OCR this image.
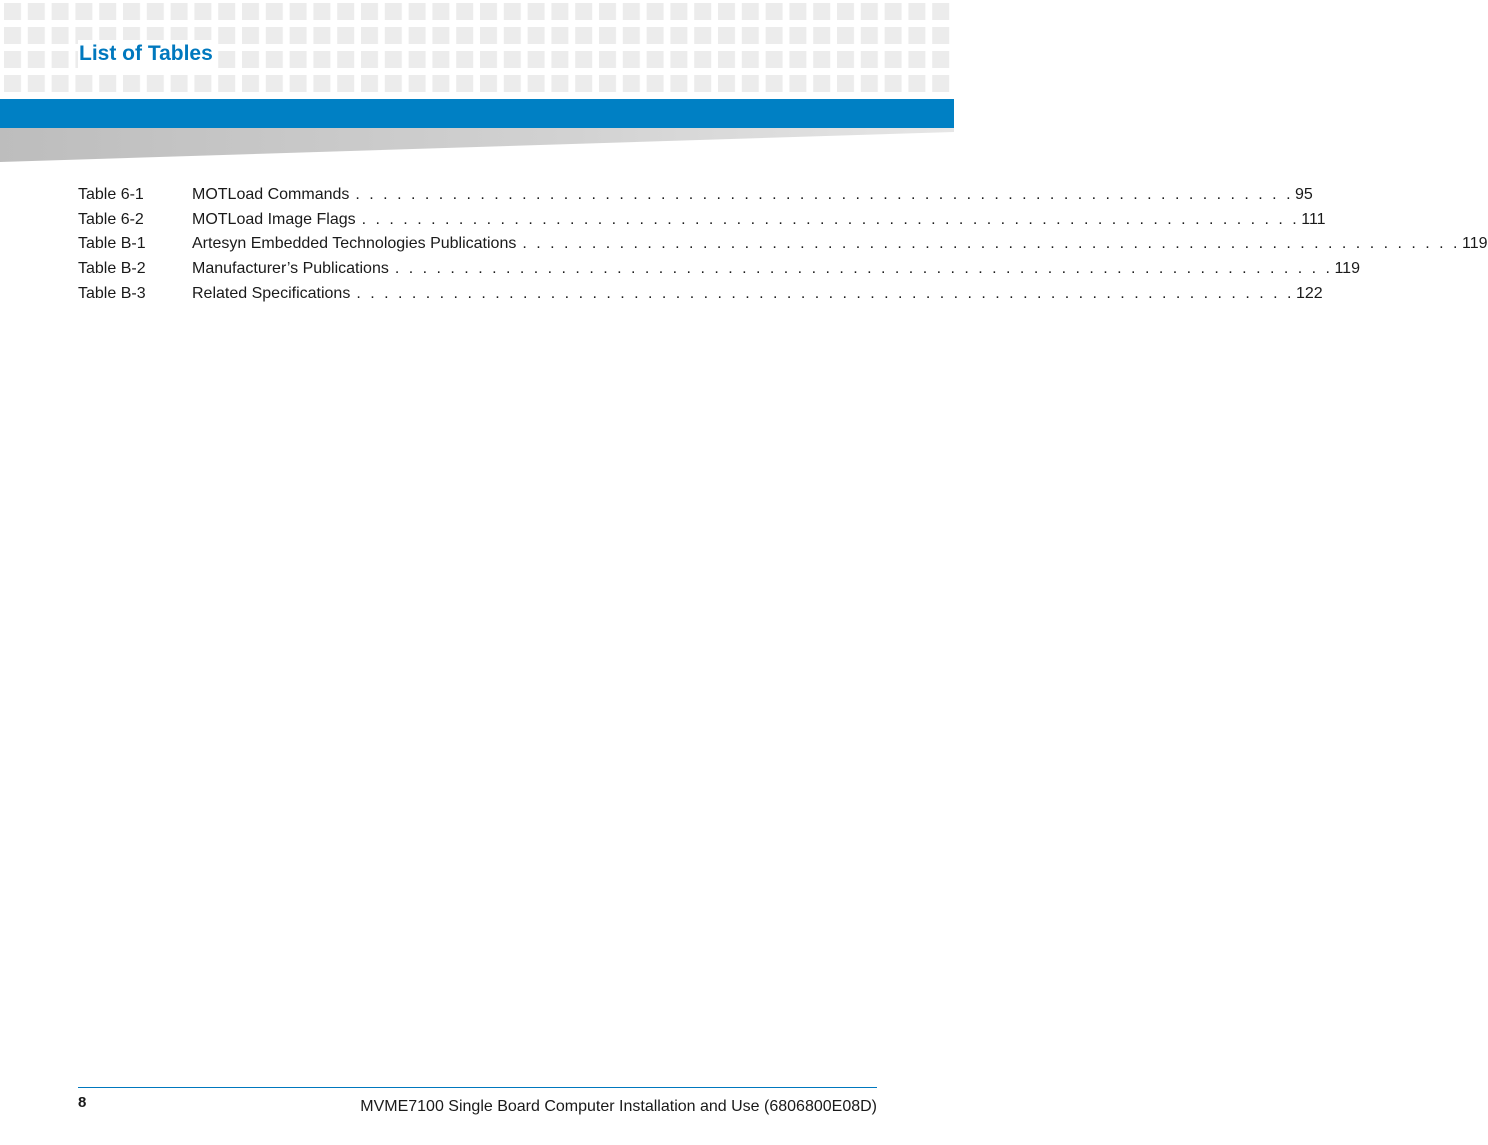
List of Tables
Table 6-1	MOTLoad Commands . . . . . . . . . . . . . . . . . . . . . . . . . . . . . . . . . . . . . . . . . . . . . . . . . . . . . . . . . . . . . . . . . . . . 95
Table 6-2	MOTLoad Image Flags . . . . . . . . . . . . . . . . . . . . . . . . . . . . . . . . . . . . . . . . . . . . . . . . . . . . . . . . . . . . . . . . . . . . 111
Table B-1	Artesyn Embedded Technologies Publications . . . . . . . . . . . . . . . . . . . . . . . . . . . . . . . . . . . . . . . . . . . . . . . . . . . . . . . . . . . . . . . . . . . . 119
Table B-2	Manufacturer’s Publications . . . . . . . . . . . . . . . . . . . . . . . . . . . . . . . . . . . . . . . . . . . . . . . . . . . . . . . . . . . . . . . . . . . . 119
Table B-3	Related Specifications . . . . . . . . . . . . . . . . . . . . . . . . . . . . . . . . . . . . . . . . . . . . . . . . . . . . . . . . . . . . . . . . . . . . 122
8	MVME7100 Single Board Computer Installation and Use (6806800E08D)
